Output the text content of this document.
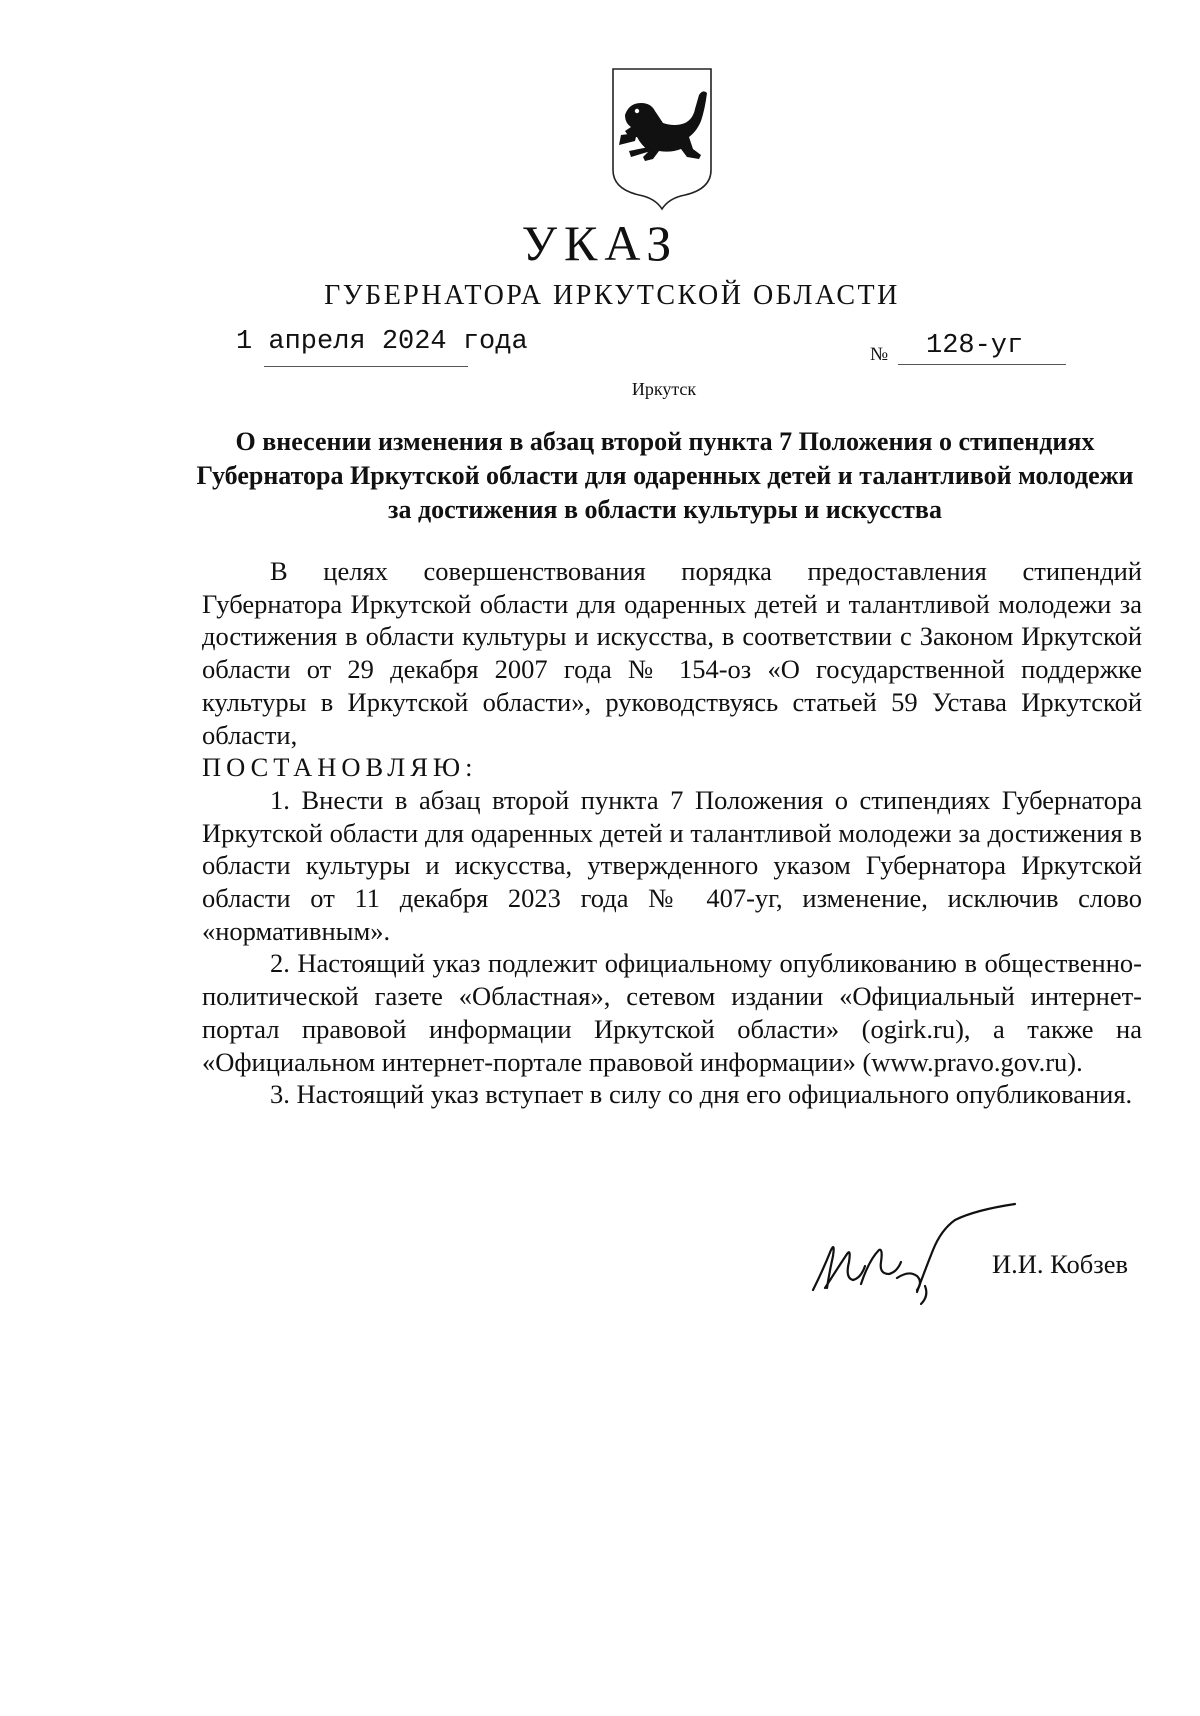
УКАЗ
ГУБЕРНАТОРА ИРКУТСКОЙ ОБЛАСТИ
1 апреля 2024 года	№ 128-уг
Иркутск
О внесении изменения в абзац второй пункта 7 Положения о стипендиях Губернатора Иркутской области для одаренных детей и талантливой молодежи за достижения в области культуры и искусства

В целях совершенствования порядка предоставления стипендий Губернатора Иркутской области для одаренных детей и талантливой молодежи за достижения в области культуры и искусства, в соответствии с Законом Иркутской области от 29 декабря 2007 года № 154-оз «О государственной поддержке культуры в Иркутской области», руководствуясь статьей 59 Устава Иркутской области,

ПОСТАНОВЛЯЮ:

1. Внести в абзац второй пункта 7 Положения о стипендиях Губернатора Иркутской области для одаренных детей и талантливой молодежи за достижения в области культуры и искусства, утвержденного указом Губернатора Иркутской области от 11 декабря 2023 года № 407-уг, изменение, исключив слово «нормативным».

2. Настоящий указ подлежит официальному опубликованию в общественно-политической газете «Областная», сетевом издании «Официальный интернет-портал правовой информации Иркутской области» (ogirk.ru), а также на «Официальном интернет-портале правовой информации» (www.pravo.gov.ru).

3. Настоящий указ вступает в силу со дня его официального опубликования.

И.И. Кобзев
